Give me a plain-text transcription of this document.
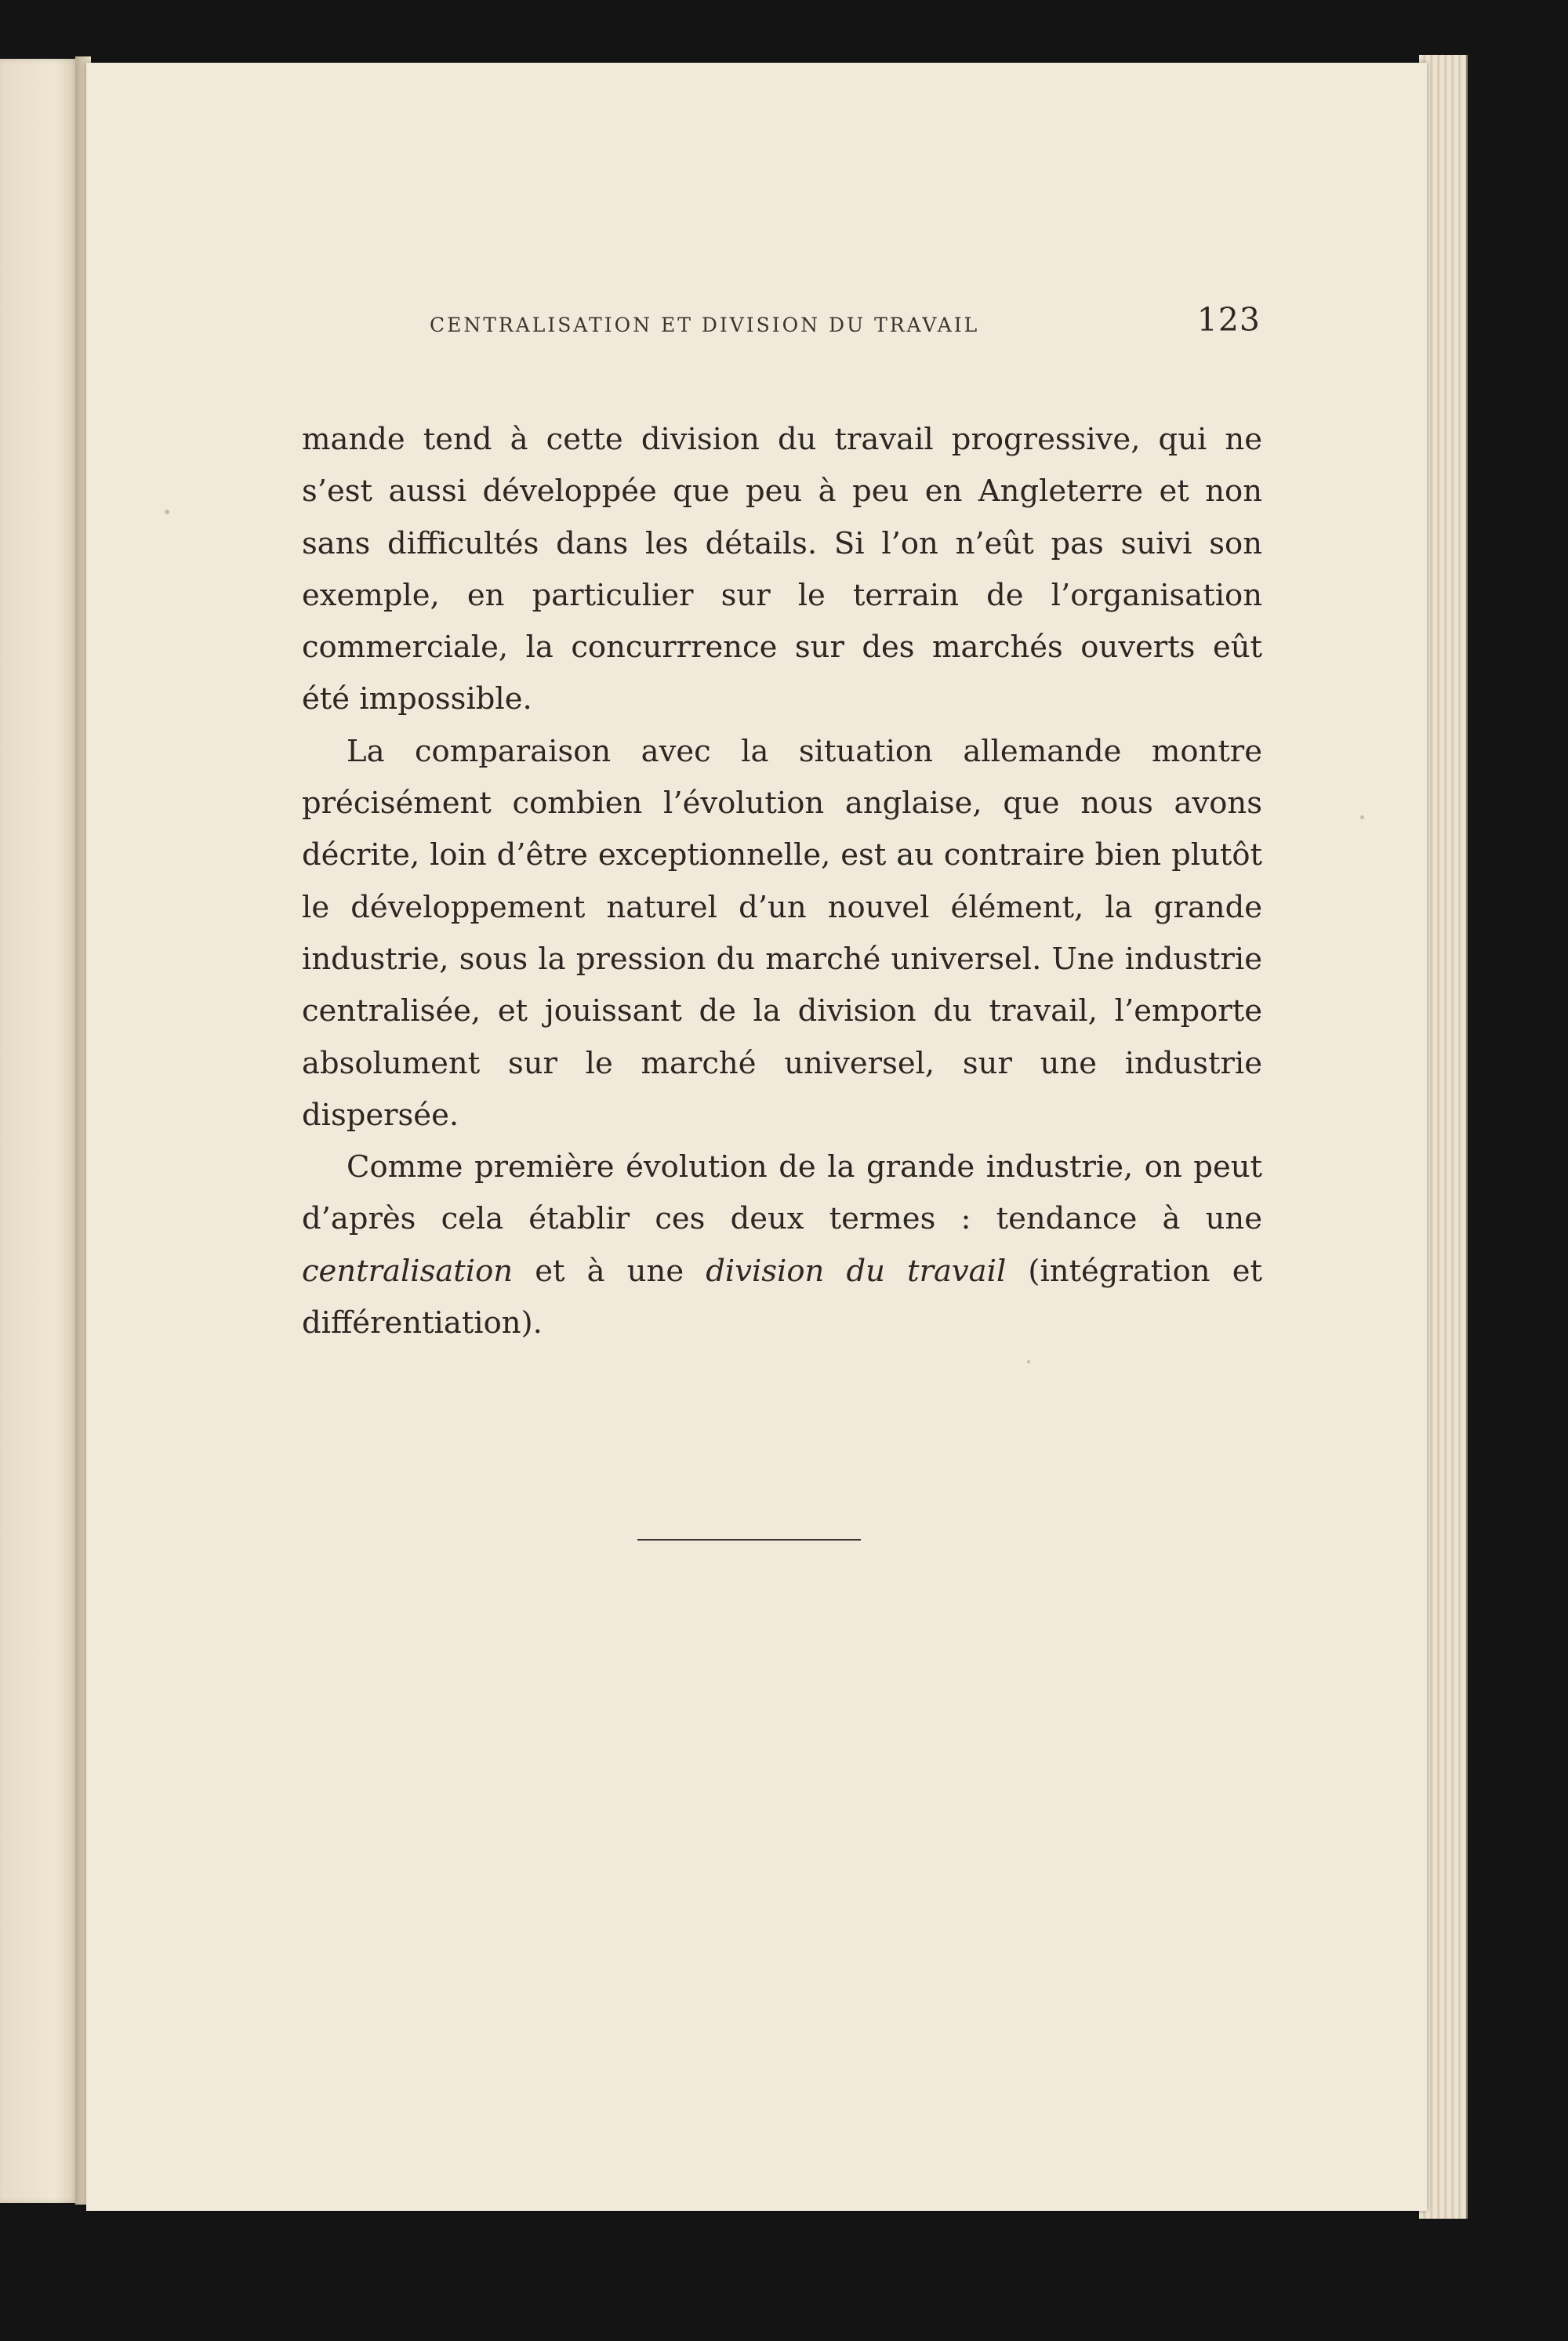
CENTRALISATION ET DIVISION DU TRAVAIL	123

mande tend à cette division du travail progressive, qui ne s’est aussi développée que peu à peu en Angleterre et non sans difficultés dans les détails. Si l’on n’eût pas suivi son exemple, en particulier sur le terrain de l’organisation commerciale, la concurrrence sur des marchés ouverts eût été impossible.

La comparaison avec la situation allemande montre précisément combien l’évolution anglaise, que nous avons décrite, loin d’être exceptionnelle, est au contraire bien plutôt le développement naturel d’un nouvel élément, la grande industrie, sous la pression du marché universel. Une industrie centralisée, et jouissant de la division du travail, l’emporte absolument sur le marché universel, sur une industrie dispersée.

Comme première évolution de la grande industrie, on peut d’après cela établir ces deux termes : tendance à une centralisation et à une division du travail (intégration et différentiation).
